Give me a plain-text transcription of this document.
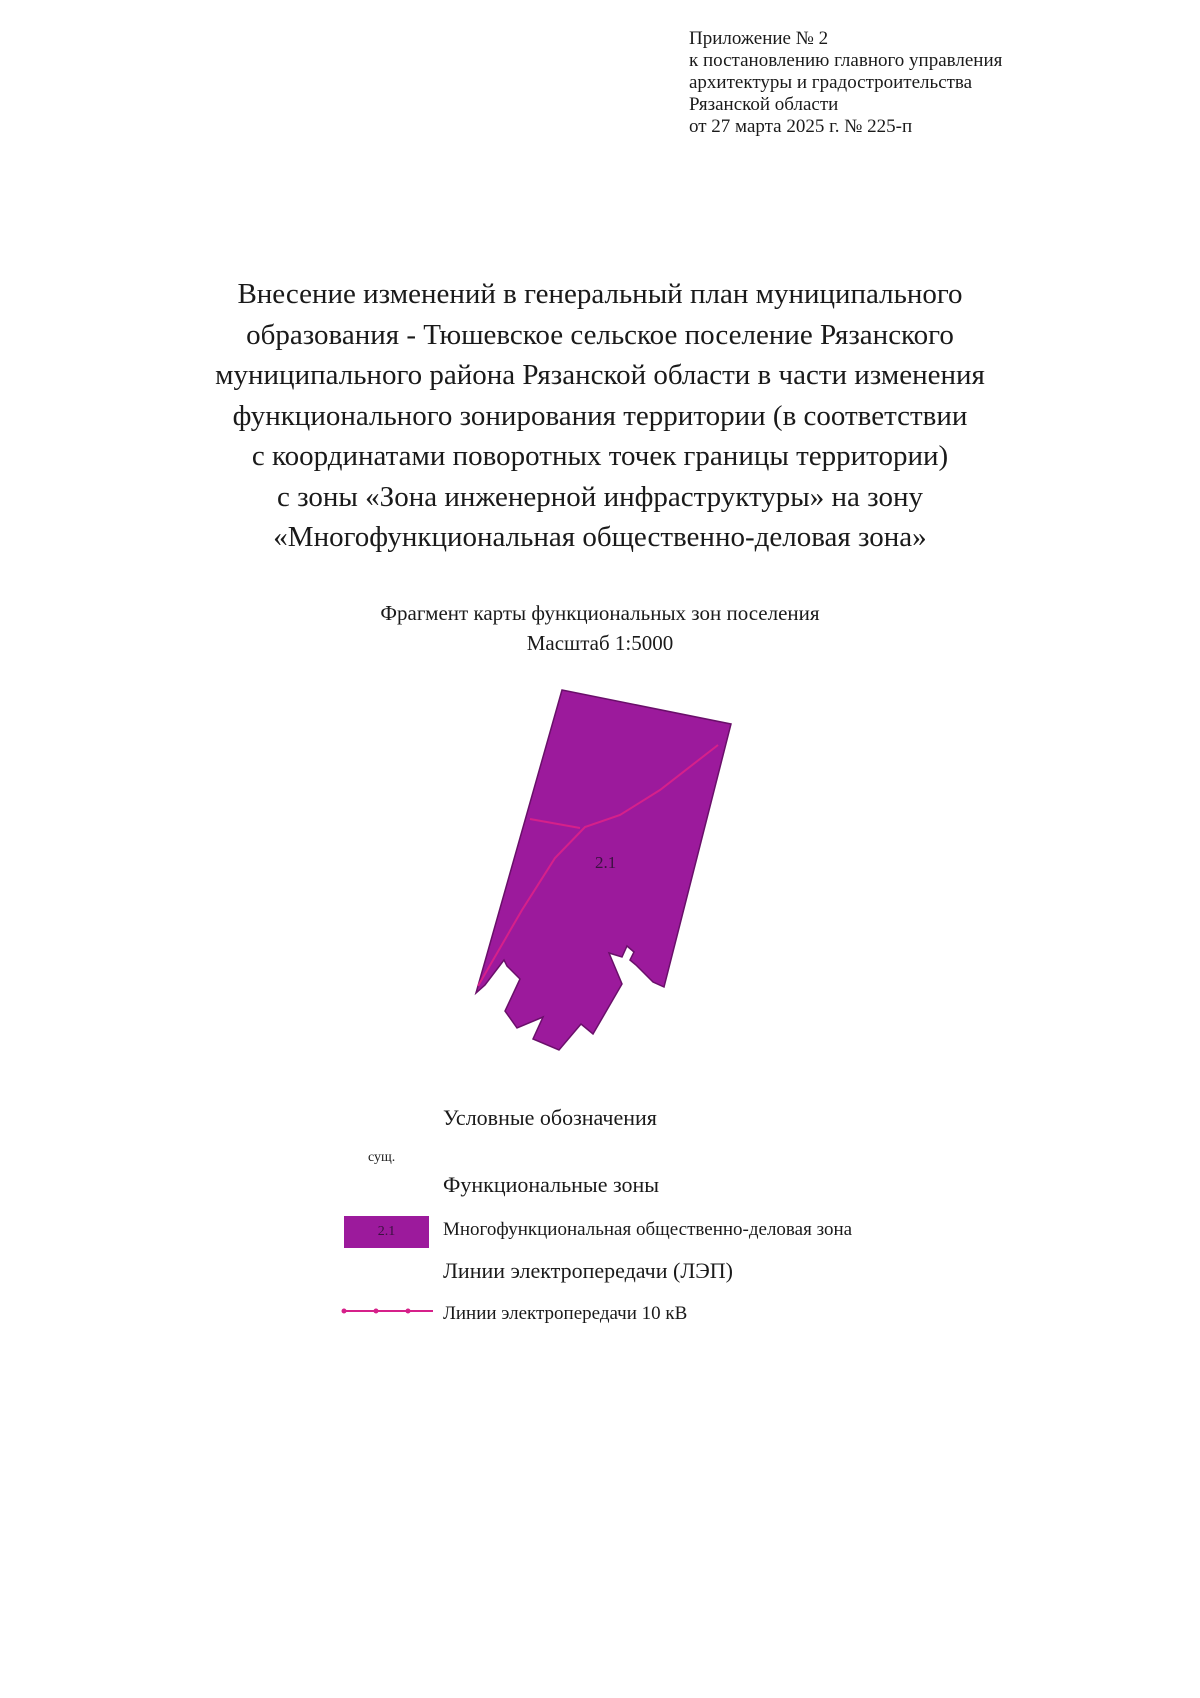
Приложение № 2
к постановлению главного управления
архитектуры и градостроительства
Рязанской области
от 27 марта 2025 г. № 225-п
Внесение изменений в генеральный план муниципального
образования - Тюшевское сельское поселение Рязанского
муниципального района Рязанской области в части изменения
функционального зонирования территории (в соответствии
с координатами поворотных точек границы территории)
с зоны «Зона инженерной инфраструктуры» на зону
«Многофункциональная общественно-деловая зона»
Фрагмент карты функциональных зон поселения
Масштаб 1:5000
2.1
Условные обозначения
сущ.
Функциональные зоны
2.1	Многофункциональная общественно-деловая зона
Линии электропередачи (ЛЭП)
Линии электропередачи 10 кВ
